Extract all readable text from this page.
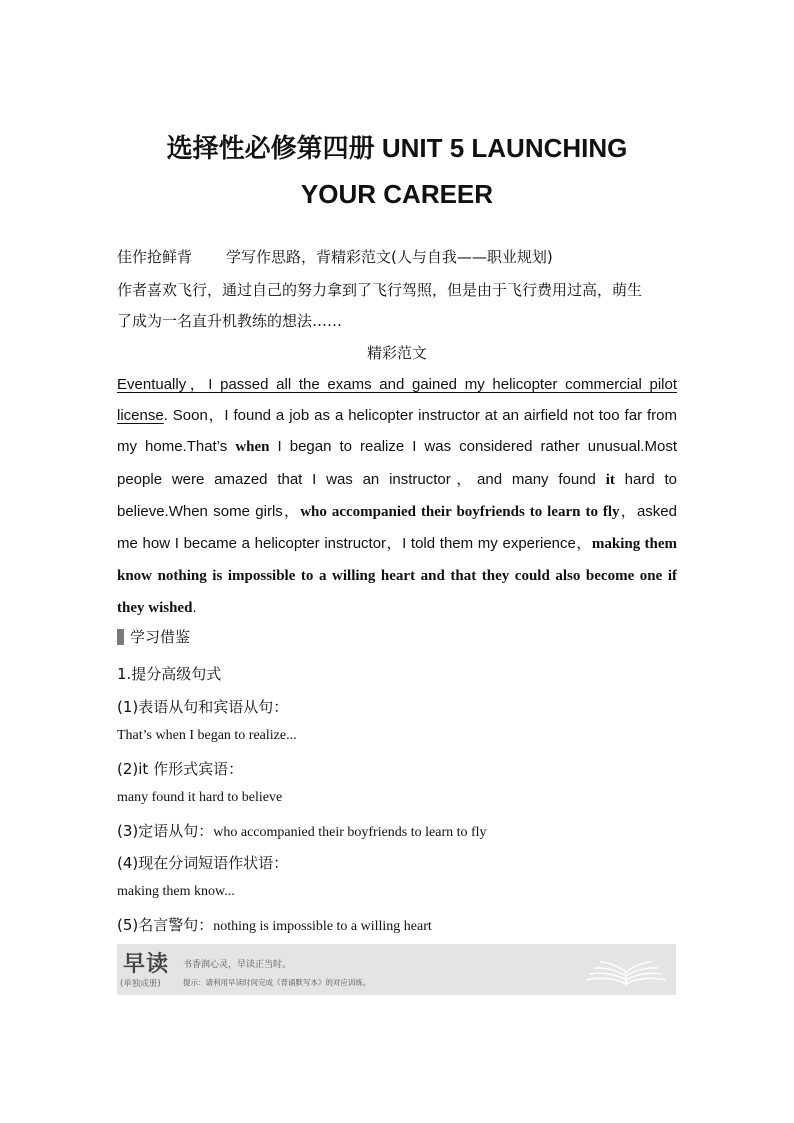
选择性必修第四册 UNIT 5 LAUNCHING
YOUR CAREER
佳作抢鲜背 学写作思路，背精彩范文(人与自我——职业规划)
作者喜欢飞行，通过自己的努力拿到了飞行驾照，但是由于飞行费用过高，萌生
了成为一名直升机教练的想法……
精彩范文
Eventually，I passed all the exams and gained my helicopter commercial pilot license. Soon，I found a job as a helicopter instructor at an airfield not too far from my home.That’s when I began to realize I was considered rather unusual.Most people were amazed that I was an instructor，and many found it hard to believe.When some girls，who accompanied their boyfriends to learn to fly，asked me how I became a helicopter instructor，I told them my experience，making them know nothing is impossible to a willing heart and that they could also become one if they wished.
学习借鉴
1.提分高级句式
(1)表语从句和宾语从句：
That’s when I began to realize...
(2)it 作形式宾语：
many found it hard to believe
(3)定语从句：who accompanied their boyfriends to learn to fly
(4)现在分词短语作状语：
making them know...
(5)名言警句：nothing is impossible to a willing heart
早读
(单独成册)
书香润心灵，早读正当时。
提示：请利用早读时间完成《背诵默写本》的对应训练。
